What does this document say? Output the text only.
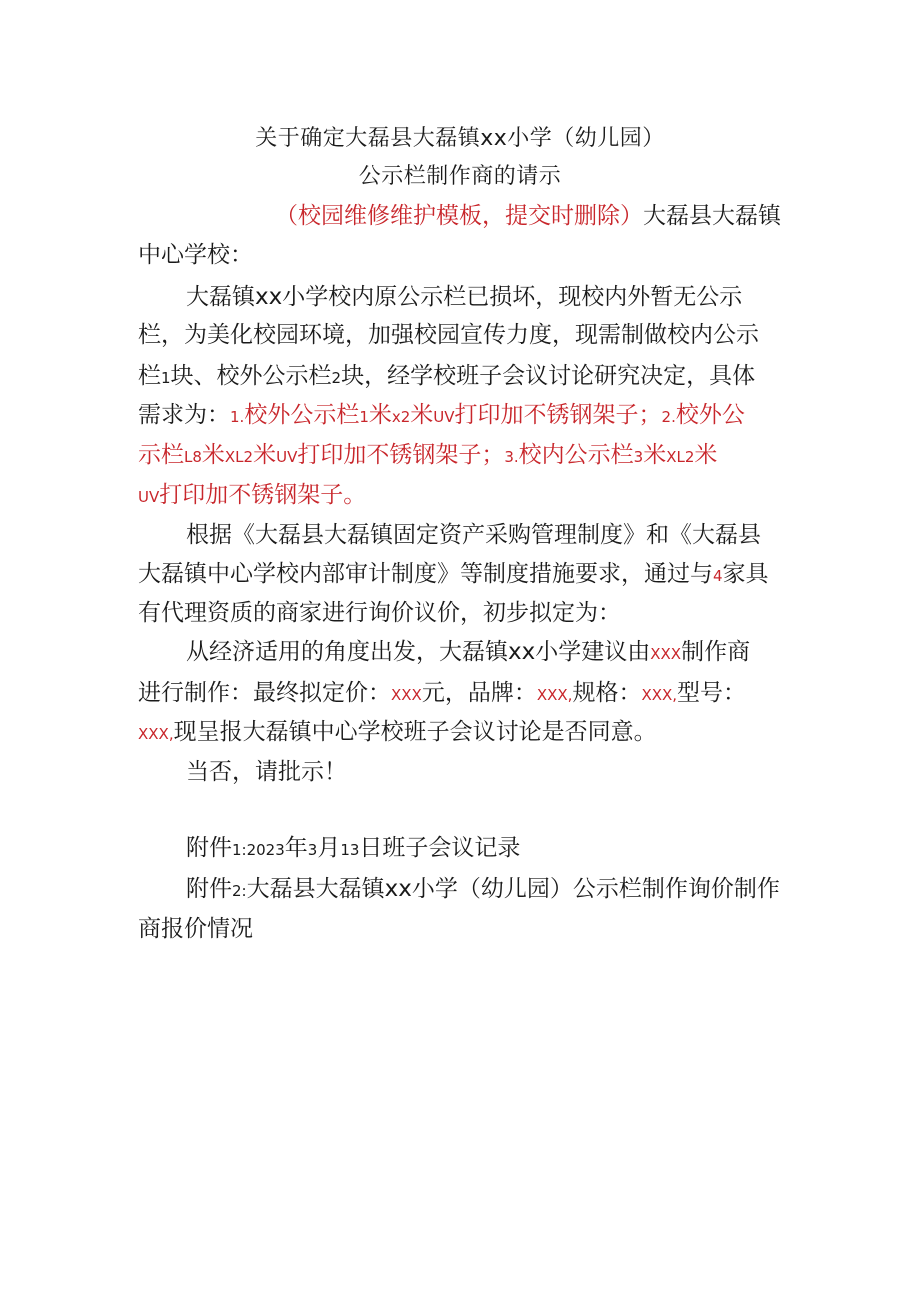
关于确定大磊县大磊镇xx小学（幼儿园）
公示栏制作商的请示
（校园维修维护模板，提交时删除）大磊县大磊镇
中心学校：
大磊镇xx小学校内原公示栏已损坏，现校内外暂无公示
栏，为美化校园环境，加强校园宣传力度，现需制做校内公示
栏1块、校外公示栏2块，经学校班子会议讨论研究决定，具体
需求为：1.校外公示栏1米x2米UV打印加不锈钢架子；2.校外公
示栏L8米XL2米UV打印加不锈钢架子；3.校内公示栏3米XL2米
UV打印加不锈钢架子。
根据《大磊县大磊镇固定资产采购管理制度》和《大磊县
大磊镇中心学校内部审计制度》等制度措施要求，通过与4家具
有代理资质的商家进行询价议价，初步拟定为：
从经济适用的角度出发，大磊镇xx小学建议由XXX制作商
进行制作：最终拟定价：XXX元，品牌：XXX,规格：XXX,型号：
XXX,现呈报大磊镇中心学校班子会议讨论是否同意。
当否，请批示！
附件1:2023年3月13日班子会议记录
附件2:大磊县大磊镇xx小学（幼儿园）公示栏制作询价制作
商报价情况
